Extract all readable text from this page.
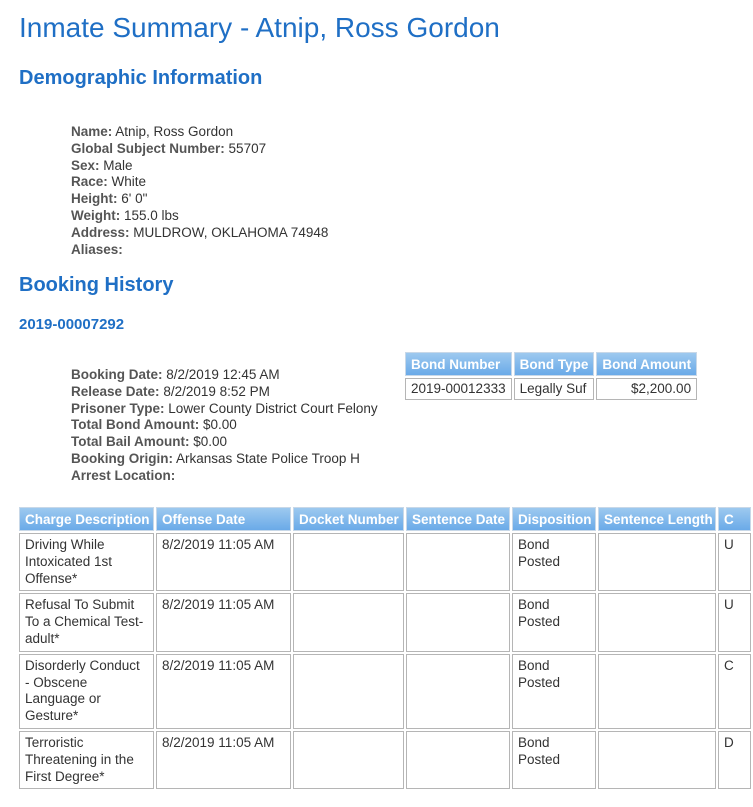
Inmate Summary - Atnip, Ross Gordon
Demographic Information
Name: Atnip, Ross Gordon
Global Subject Number: 55707
Sex: Male
Race: White
Height: 6' 0"
Weight: 155.0 lbs
Address: MULDROW, OKLAHOMA 74948
Aliases:
Booking History
2019-00007292
Booking Date: 8/2/2019 12:45 AM
Release Date: 8/2/2019 8:52 PM
Prisoner Type: Lower County District Court Felony
Total Bond Amount: $0.00
Total Bail Amount: $0.00
Booking Origin: Arkansas State Police Troop H
Arrest Location:
Bond Number	Bond Type	Bond Amount
2019-00012333	Legally Suf	$2,200.00
Charge Description	Offense Date	Docket Number	Sentence Date	Disposition	Sentence Length	C
Driving While Intoxicated 1st Offense*	8/2/2019 11:05 AM			Bond Posted		U
Refusal To Submit To a Chemical Test-adult*	8/2/2019 11:05 AM			Bond Posted		U
Disorderly Conduct - Obscene Language or Gesture*	8/2/2019 11:05 AM			Bond Posted		C
Terroristic Threatening in the First Degree*	8/2/2019 11:05 AM			Bond Posted		D
